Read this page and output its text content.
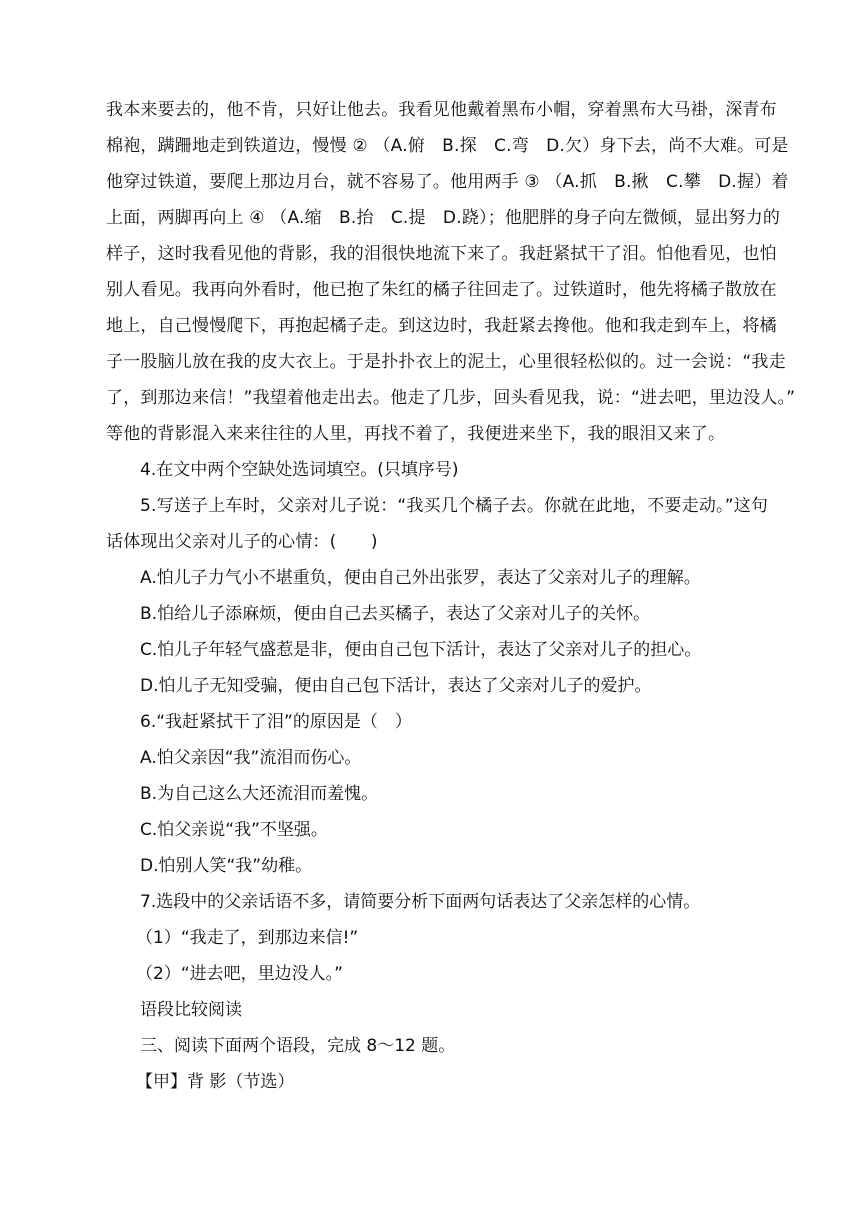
我本来要去的，他不肯，只好让他去。我看见他戴着黑布小帽，穿着黑布大马褂，深青布
棉袍，蹒跚地走到铁道边，慢慢 ② （A.俯　B.探　C.弯　D.欠）身下去，尚不大难。可是
他穿过铁道，要爬上那边月台，就不容易了。他用两手 ③ （A.抓　B.揪　C.攀　D.握）着
上面，两脚再向上 ④ （A.缩　B.抬　C.提　D.跷）；他肥胖的身子向左微倾，显出努力的
样子，这时我看见他的背影，我的泪很快地流下来了。我赶紧拭干了泪。怕他看见，也怕
别人看见。我再向外看时，他已抱了朱红的橘子往回走了。过铁道时，他先将橘子散放在
地上，自己慢慢爬下，再抱起橘子走。到这边时，我赶紧去搀他。他和我走到车上，将橘
子一股脑儿放在我的皮大衣上。于是扑扑衣上的泥土，心里很轻松似的。过一会说：“我走
了，到那边来信！”我望着他走出去。他走了几步，回头看见我，说：“进去吧，里边没人。”
等他的背影混入来来往往的人里，再找不着了，我便进来坐下，我的眼泪又来了。

4.在文中两个空缺处选词填空。(只填序号)

5.写送子上车时，父亲对儿子说：“我买几个橘子去。你就在此地，不要走动。”这句
话体现出父亲对儿子的心情：(　　)

A.怕儿子力气小不堪重负，便由自己外出张罗，表达了父亲对儿子的理解。

B.怕给儿子添麻烦，便由自己去买橘子，表达了父亲对儿子的关怀。

C.怕儿子年轻气盛惹是非，便由自己包下活计，表达了父亲对儿子的担心。

D.怕儿子无知受骗，便由自己包下活计，表达了父亲对儿子的爱护。

6.“我赶紧拭干了泪”的原因是（　）

A.怕父亲因“我”流泪而伤心。

B.为自己这么大还流泪而羞愧。

C.怕父亲说“我”不坚强。

D.怕别人笑“我”幼稚。

7.选段中的父亲话语不多，请简要分析下面两句话表达了父亲怎样的心情。

（1）“我走了，到那边来信!”

（2）“进去吧，里边没人。”

语段比较阅读

三、阅读下面两个语段，完成 8～12 题。

【甲】背 影（节选）
